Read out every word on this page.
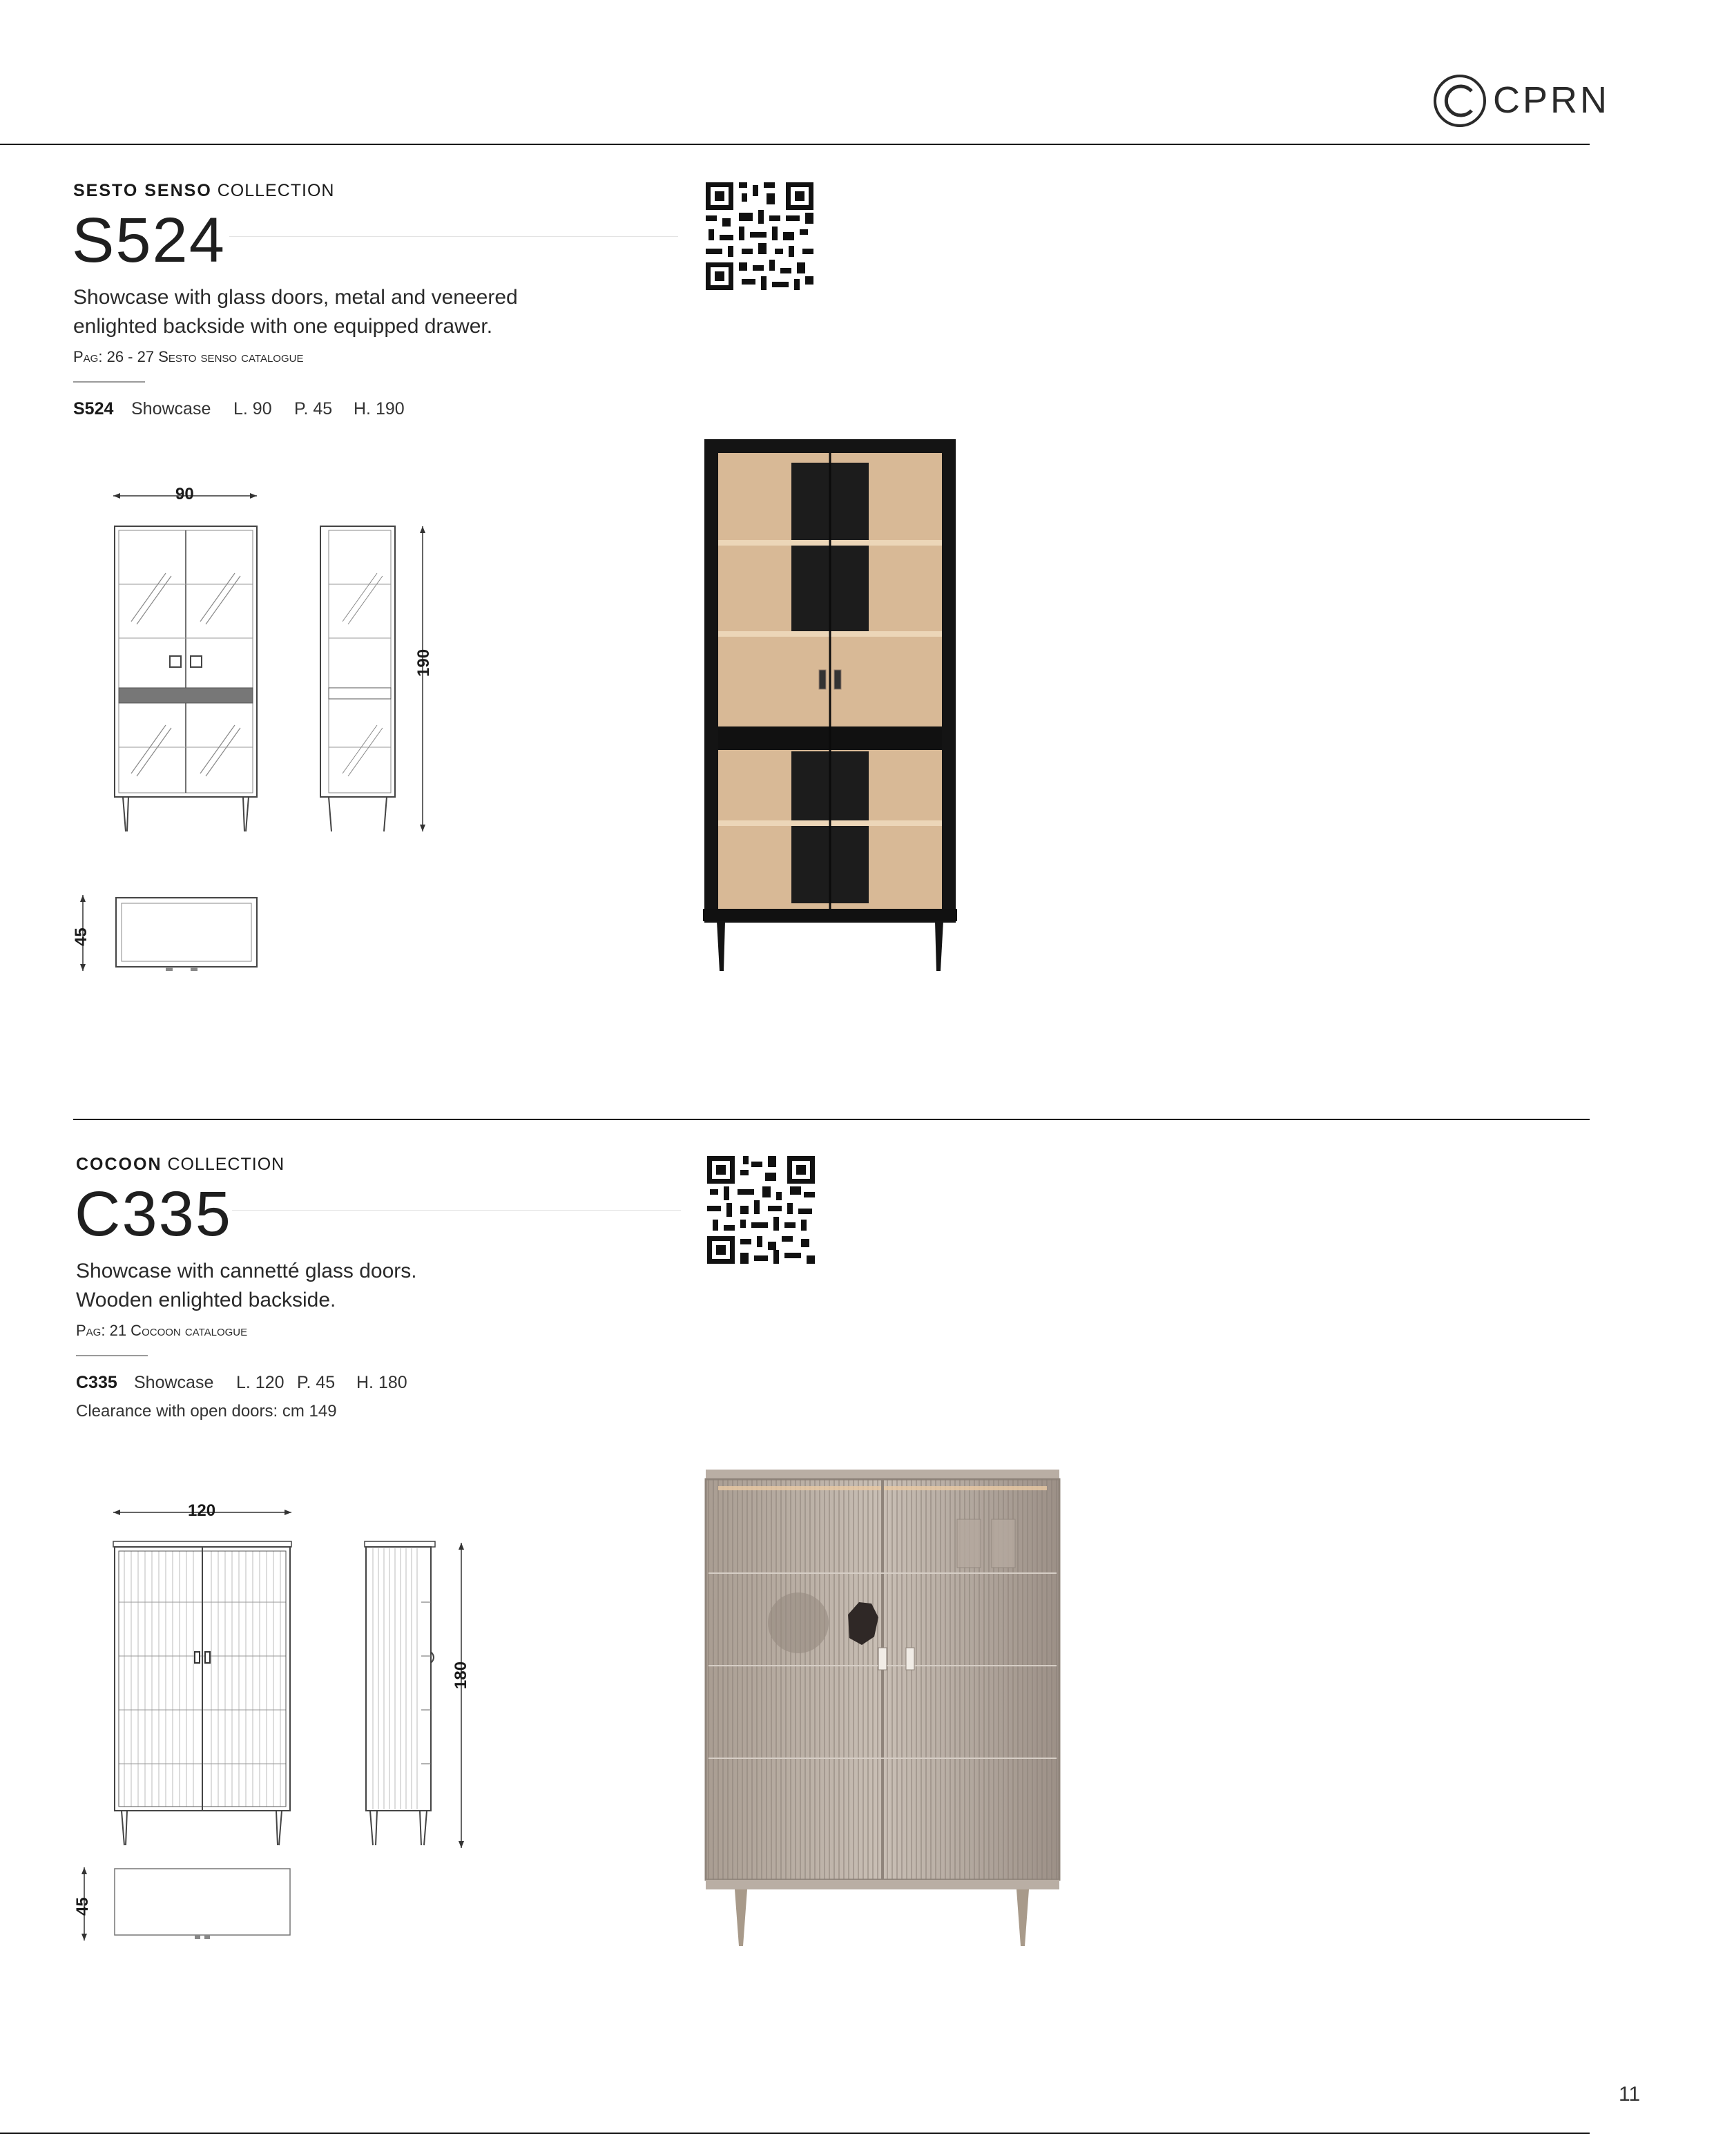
CPRN
SESTO SENSO COLLECTION
S524
Showcase with glass doors, metal and veneered
enlighted backside with one equipped drawer.
Pag: 26 - 27 Sesto senso catalogue
S524 Showcase L. 90 P. 45 H. 190
90
190
45
COCOON COLLECTION
C335
Showcase with cannetté glass doors.
Wooden enlighted backside.
Pag: 21 Cocoon catalogue
C335 Showcase L. 120 P. 45 H. 180
Clearance with open doors: cm 149
120
180
45
11
